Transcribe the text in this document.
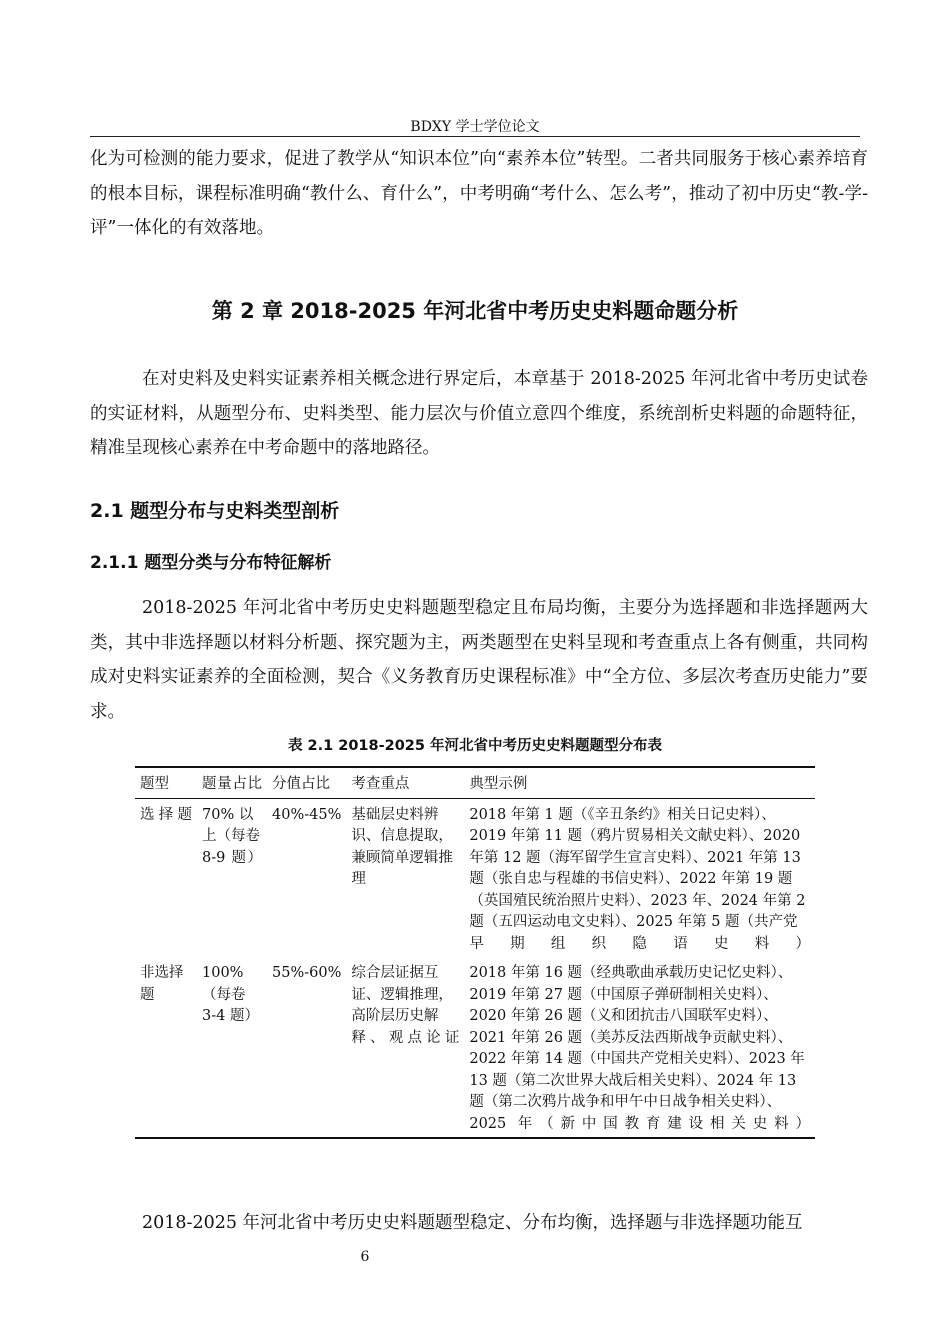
BDXY 学士学位论文

化为可检测的能力要求，促进了教学从“知识本位”向“素养本位”转型。二者共同服务于核心素养培育的根本目标，课程标准明确“教什么、育什么”，中考明确“考什么、怎么考”，推动了初中历史“教-学-评”一体化的有效落地。

第 2 章 2018-2025 年河北省中考历史史料题命题分析

在对史料及史料实证素养相关概念进行界定后，本章基于 2018-2025 年河北省中考历史试卷的实证材料，从题型分布、史料类型、能力层次与价值立意四个维度，系统剖析史料题的命题特征，精准呈现核心素养在中考命题中的落地路径。

2.1 题型分布与史料类型剖析
2.1.1 题型分类与分布特征解析

2018-2025 年河北省中考历史史料题题型稳定且布局均衡，主要分为选择题和非选择题两大类，其中非选择题以材料分析题、探究题为主，两类题型在史料呈现和考查重点上各有侧重，共同构成对史料实证素养的全面检测，契合《义务教育历史课程标准》中“全方位、多层次考查历史能力”要求。

表 2.1 2018-2025 年河北省中考历史史料题题型分布表
题型	题量占比	分值占比	考查重点	典型示例
选择题	70% 以上（每卷 8-9 题）	40%-45%	基础层史料辨识、信息提取，兼顾简单逻辑推理	2018 年第 1 题（《辛丑条约》相关日记史料）、2019 年第 11 题（鸦片贸易相关文献史料）、2020 年第 12 题（海军留学生宣言史料）、2021 年第 13 题（张自忠与程雄的书信史料）、2022 年第 19 题（英国殖民统治照片史料）、2023 年、2024 年第 2 题（五四运动电文史料）、2025 年第 5 题（共产党早期组织隐语史料）
非选择题	100%（每卷 3-4 题）	55%-60%	综合层证据互证、逻辑推理，高阶层历史解释、观点论证	2018 年第 16 题（经典歌曲承载历史记忆史料）、2019 年第 27 题（中国原子弹研制相关史料）、2020 年第 26 题（义和团抗击八国联军史料）、2021 年第 26 题（美苏反法西斯战争贡献史料）、2022 年第 14 题（中国共产党相关史料）、2023 年 13 题（第二次世界大战后相关史料）、2024 年 13 题（第二次鸦片战争和甲午中日战争相关史料）、2025 年（新中国教育建设相关史料）

2018-2025 年河北省中考历史史料题题型稳定、分布均衡，选择题与非选择题功能互

6
